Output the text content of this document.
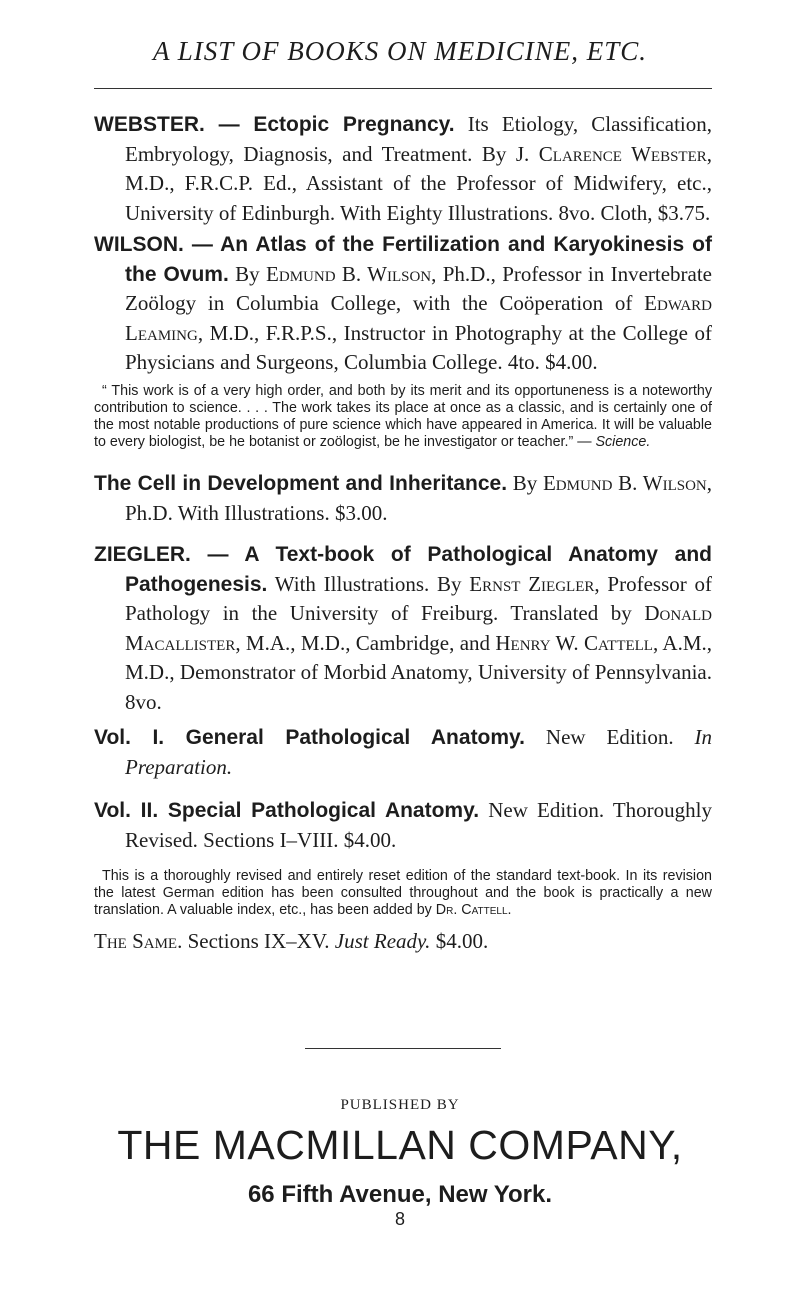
A LIST OF BOOKS ON MEDICINE, ETC.
WEBSTER. — Ectopic Pregnancy. Its Etiology, Classification, Embryology, Diagnosis, and Treatment. By J. Clarence Webster, M.D., F.R.C.P. Ed., Assistant of the Professor of Midwifery, etc., University of Edinburgh. With Eighty Illustrations. 8vo. Cloth, $3.75.
WILSON. — An Atlas of the Fertilization and Karyokinesis of the Ovum. By Edmund B. Wilson, Ph.D., Professor in Invertebrate Zoölogy in Columbia College, with the Coöperation of Edward Leaming, M.D., F.R.P.S., Instructor in Photography at the College of Physicians and Surgeons, Columbia College. 4to. $4.00.
“ This work is of a very high order, and both by its merit and its opportuneness is a noteworthy contribution to science. . . . The work takes its place at once as a classic, and is certainly one of the most notable productions of pure science which have appeared in America. It will be valuable to every biologist, be he botanist or zoölogist, be he investigator or teacher.” — Science.
The Cell in Development and Inheritance. By Edmund B. Wilson, Ph.D. With Illustrations. $3.00.
ZIEGLER. — A Text-book of Pathological Anatomy and Pathogenesis. With Illustrations. By Ernst Ziegler, Professor of Pathology in the University of Freiburg. Translated by Donald Macallister, M.A., M.D., Cambridge, and Henry W. Cattell, A.M., M.D., Demonstrator of Morbid Anatomy, University of Pennsylvania. 8vo.
Vol. I. General Pathological Anatomy. New Edition. In Preparation.
Vol. II. Special Pathological Anatomy. New Edition. Thoroughly Revised. Sections I–VIII. $4.00.
This is a thoroughly revised and entirely reset edition of the standard text-book. In its revision the latest German edition has been consulted throughout and the book is practically a new translation. A valuable index, etc., has been added by Dr. Cattell.
The Same. Sections IX–XV. Just Ready. $4.00.
PUBLISHED BY
THE MACMILLAN COMPANY,
66 Fifth Avenue, New York.
8
